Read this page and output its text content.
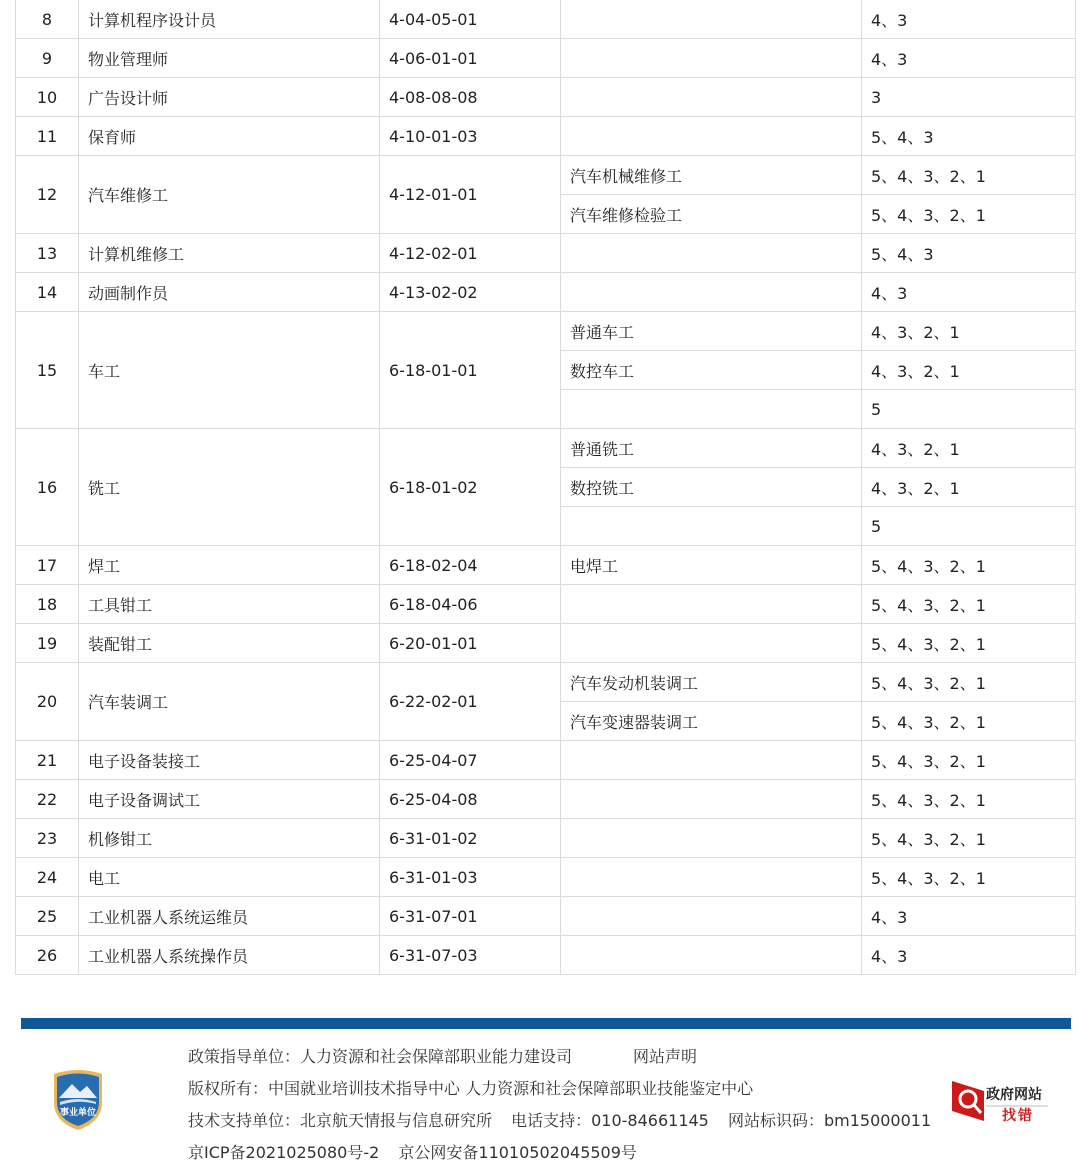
8	计算机程序设计员	4-04-05-01		4、3
9	物业管理师	4-06-01-01		4、3
10	广告设计师	4-08-08-08		3
11	保育师	4-10-01-03		5、4、3
12	汽车维修工	4-12-01-01	汽车机械维修工	5、4、3、2、1
			汽车维修检验工	5、4、3、2、1
13	计算机维修工	4-12-02-01		5、4、3
14	动画制作员	4-13-02-02		4、3
15	车工	6-18-01-01	普通车工	4、3、2、1
			数控车工	4、3、2、1
				5
16	铣工	6-18-01-02	普通铣工	4、3、2、1
			数控铣工	4、3、2、1
				5
17	焊工	6-18-02-04	电焊工	5、4、3、2、1
18	工具钳工	6-18-04-06		5、4、3、2、1
19	装配钳工	6-20-01-01		5、4、3、2、1
20	汽车装调工	6-22-02-01	汽车发动机装调工	5、4、3、2、1
			汽车变速器装调工	5、4、3、2、1
21	电子设备装接工	6-25-04-07		5、4、3、2、1
22	电子设备调试工	6-25-04-08		5、4、3、2、1
23	机修钳工	6-31-01-02		5、4、3、2、1
24	电工	6-31-01-03		5、4、3、2、1
25	工业机器人系统运维员	6-31-07-01		4、3
26	工业机器人系统操作员	6-31-07-03		4、3
事业单位
政策指导单位：人力资源和社会保障部职业能力建设司	网站声明
版权所有：中国就业培训技术指导中心 人力资源和社会保障部职业技能鉴定中心
技术支持单位：北京航天情报与信息研究所 电话支持：010-84661145 网站标识码：bm15000011
京ICP备2021025080号-2 京公网安备11010502045509号
政府网站
找错
